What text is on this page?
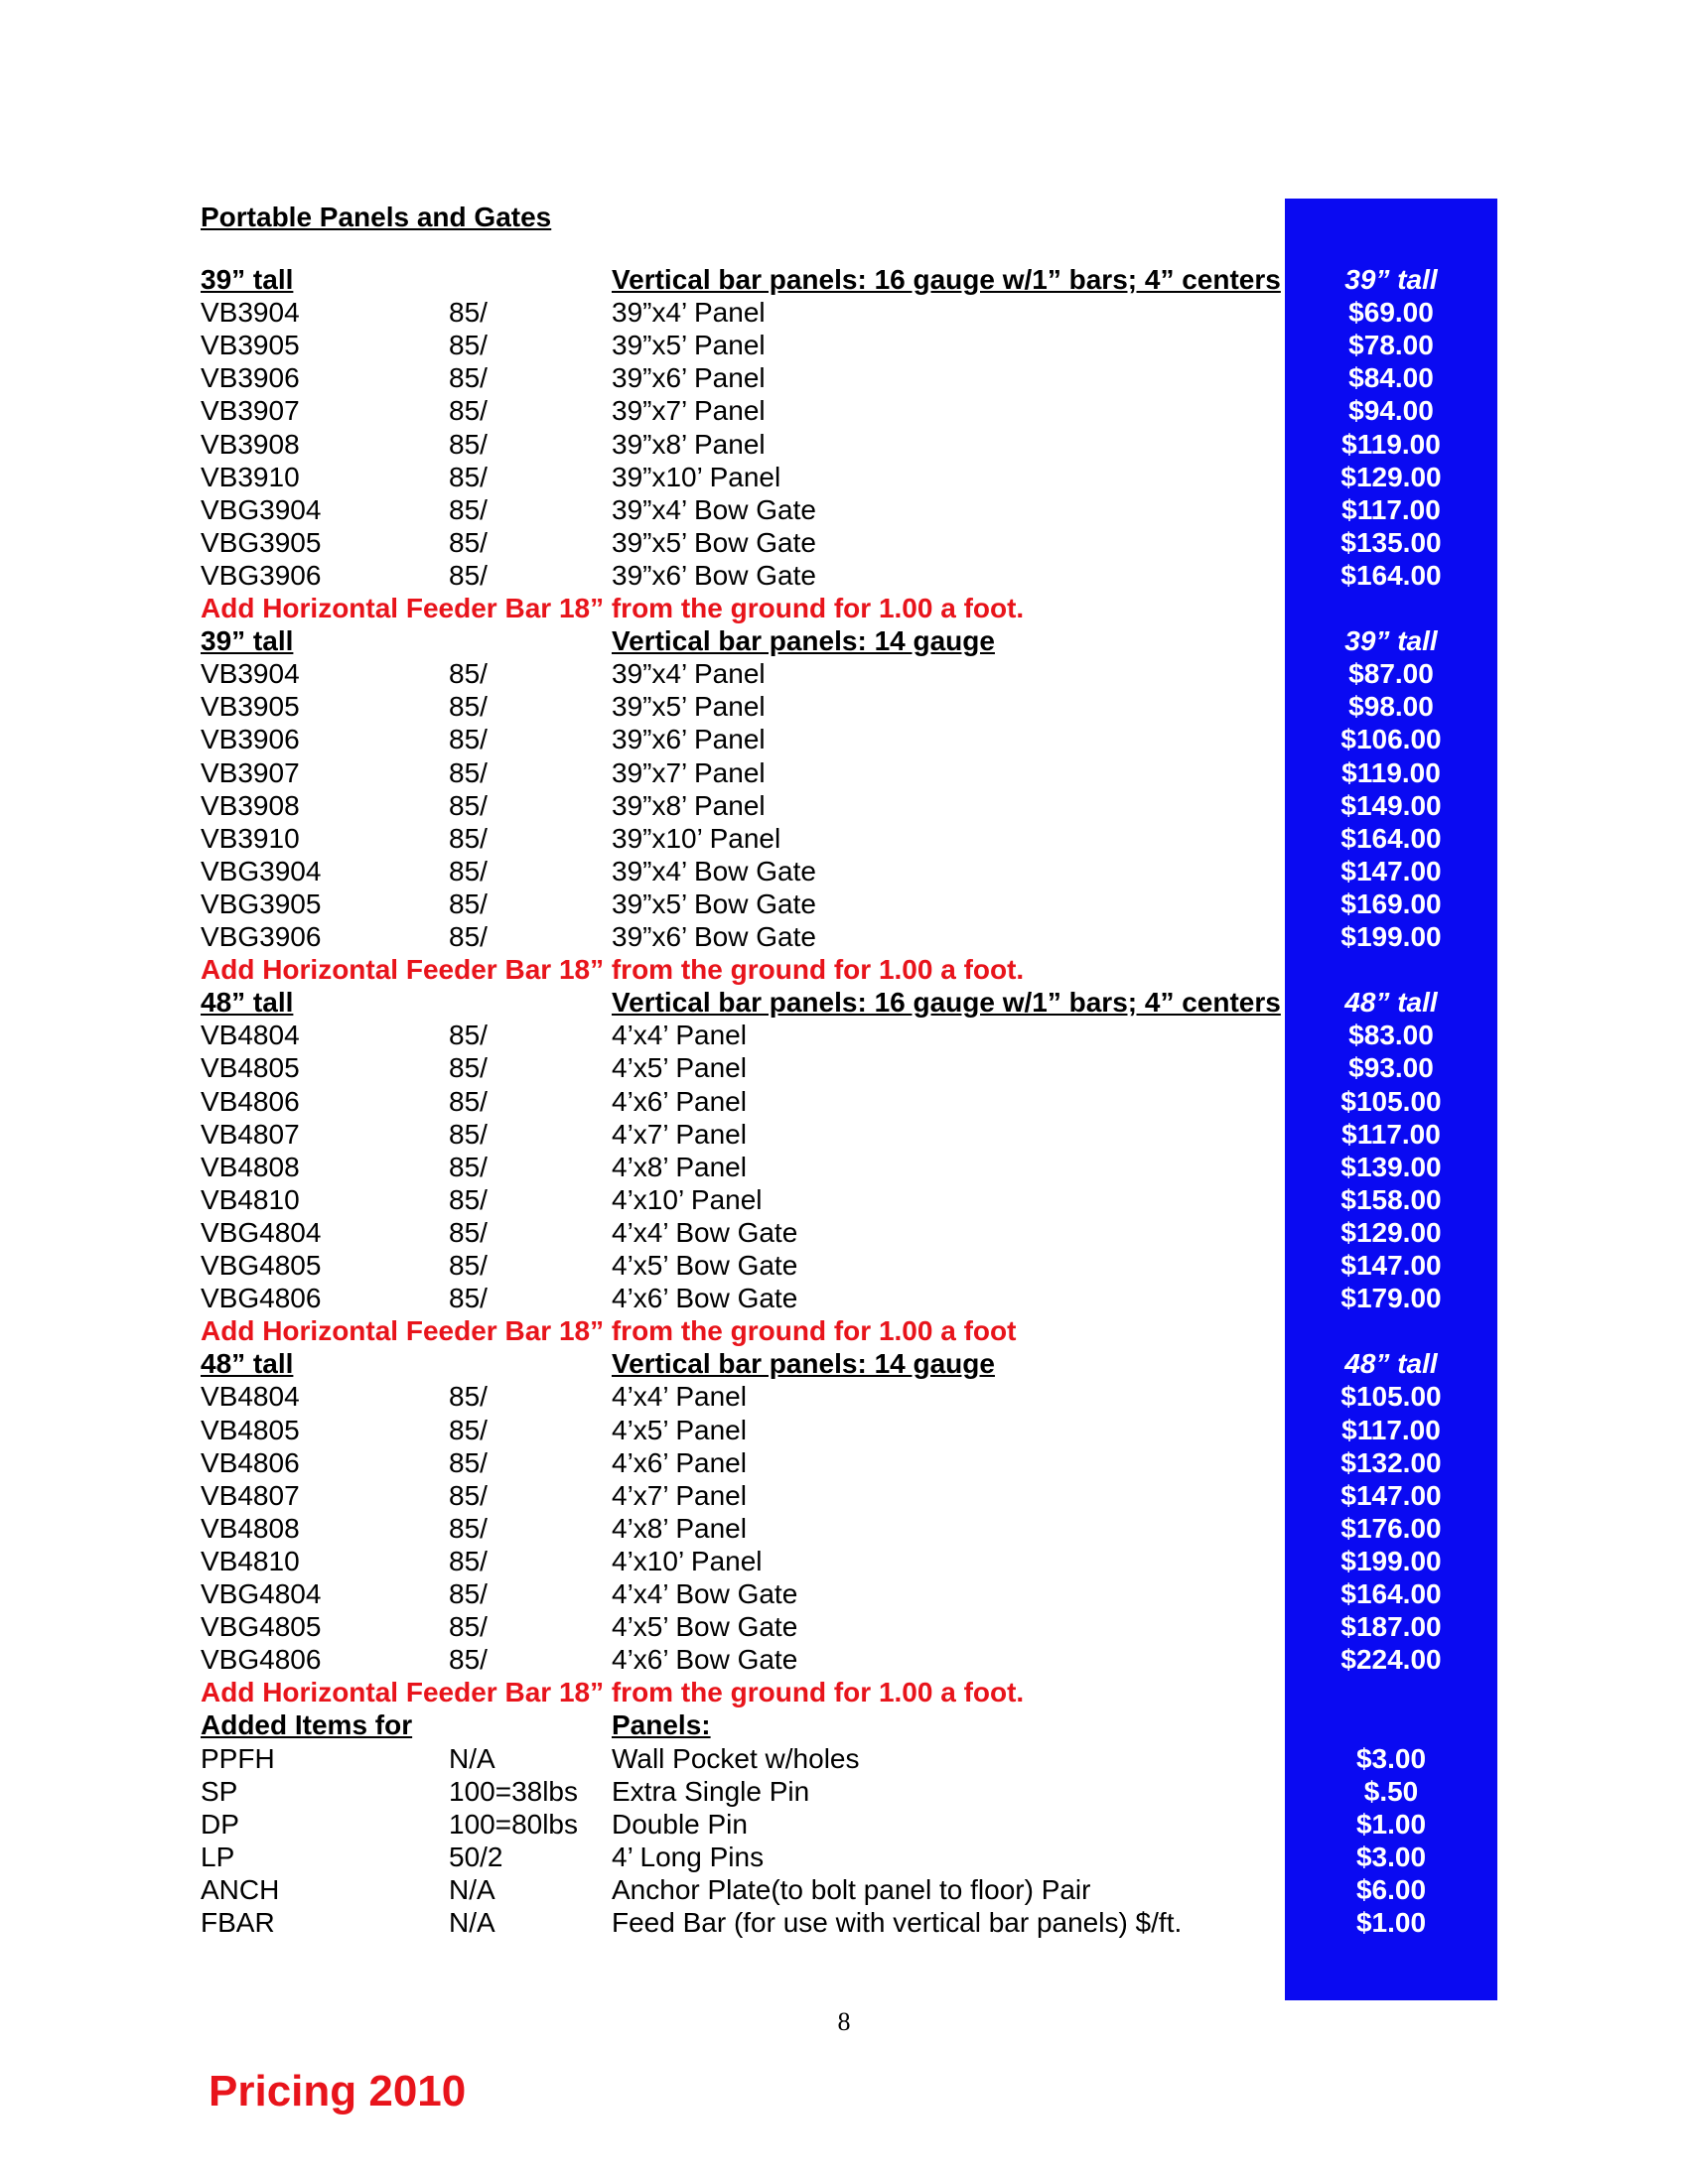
Portable Panels and Gates
39” tall	Vertical bar panels: 16 gauge w/1” bars; 4” centers	39” tall
VB3904	85/	39”x4’ Panel	$69.00
VB3905	85/	39”x5’ Panel	$78.00
VB3906	85/	39”x6’ Panel	$84.00
VB3907	85/	39”x7’ Panel	$94.00
VB3908	85/	39”x8’ Panel	$119.00
VB3910	85/	39”x10’ Panel	$129.00
VBG3904	85/	39”x4’ Bow Gate	$117.00
VBG3905	85/	39”x5’ Bow Gate	$135.00
VBG3906	85/	39”x6’ Bow Gate	$164.00
Add Horizontal Feeder Bar 18” from the ground for 1.00 a foot.
39” tall	Vertical bar panels: 14 gauge	39” tall
VB3904	85/	39”x4’ Panel	$87.00
VB3905	85/	39”x5’ Panel	$98.00
VB3906	85/	39”x6’ Panel	$106.00
VB3907	85/	39”x7’ Panel	$119.00
VB3908	85/	39”x8’ Panel	$149.00
VB3910	85/	39”x10’ Panel	$164.00
VBG3904	85/	39”x4’ Bow Gate	$147.00
VBG3905	85/	39”x5’ Bow Gate	$169.00
VBG3906	85/	39”x6’ Bow Gate	$199.00
Add Horizontal Feeder Bar 18” from the ground for 1.00 a foot.
48” tall	Vertical bar panels: 16 gauge w/1” bars; 4” centers	48” tall
VB4804	85/	4’x4’ Panel	$83.00
VB4805	85/	4’x5’ Panel	$93.00
VB4806	85/	4’x6’ Panel	$105.00
VB4807	85/	4’x7’ Panel	$117.00
VB4808	85/	4’x8’ Panel	$139.00
VB4810	85/	4’x10’ Panel	$158.00
VBG4804	85/	4’x4’ Bow Gate	$129.00
VBG4805	85/	4’x5’ Bow Gate	$147.00
VBG4806	85/	4’x6’ Bow Gate	$179.00
Add Horizontal Feeder Bar 18” from the ground for 1.00 a foot
48” tall	Vertical bar panels: 14 gauge	48” tall
VB4804	85/	4’x4’ Panel	$105.00
VB4805	85/	4’x5’ Panel	$117.00
VB4806	85/	4’x6’ Panel	$132.00
VB4807	85/	4’x7’ Panel	$147.00
VB4808	85/	4’x8’ Panel	$176.00
VB4810	85/	4’x10’ Panel	$199.00
VBG4804	85/	4’x4’ Bow Gate	$164.00
VBG4805	85/	4’x5’ Bow Gate	$187.00
VBG4806	85/	4’x6’ Bow Gate	$224.00
Add Horizontal Feeder Bar 18” from the ground for 1.00 a foot.
Added Items for	Panels:
PPFH	N/A	Wall Pocket w/holes	$3.00
SP	100=38lbs Extra Single Pin	$.50
DP	100=80lbs Double Pin	$1.00
LP	50/2	4’ Long Pins	$3.00
ANCH	N/A	Anchor Plate(to bolt panel to floor) Pair	$6.00
FBAR	N/A	Feed Bar (for use with vertical bar panels) $/ft.	$1.00
8
Pricing 2010
